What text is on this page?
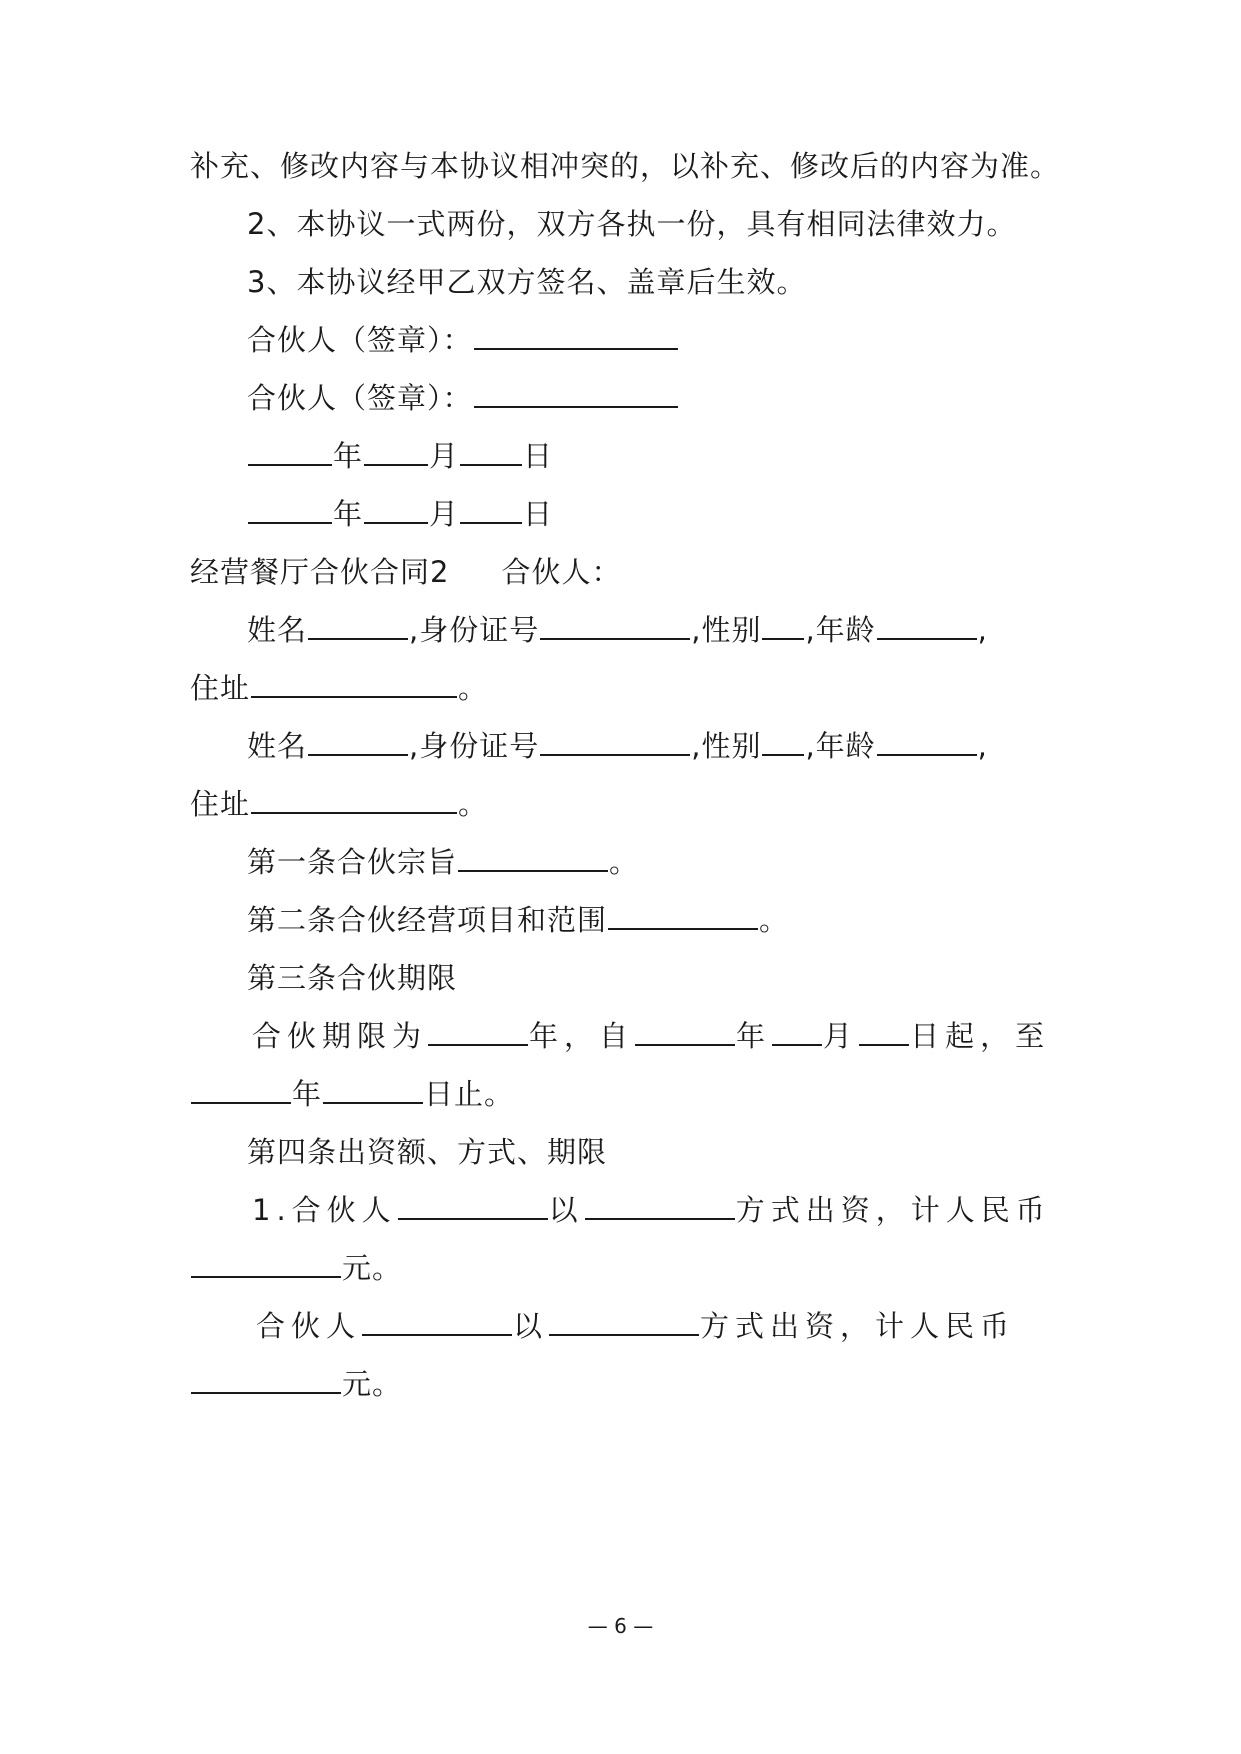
补充、修改内容与本协议相冲突的，以补充、修改后的内容为准。
2、本协议一式两份，双方各执一份，具有相同法律效力。
3、本协议经甲乙双方签名、盖章后生效。
合伙人（签章）：
合伙人（签章）：
年 月 日
年 月 日
经营餐厅合伙合同2 合伙人：
姓名	,身份证号	,性别 ,年龄	,
住址	。
姓名	,身份证号	,性别 ,年龄	,
住址	。
第一条合伙宗旨	。
第二条合伙经营项目和范围	。
第三条合伙期限
合伙期限为	年，自	年 月 日起，至
年	日止。
第四条出资额、方式、期限
1.合伙人	以	方式出资，计人民币
元。
合伙人	以	方式出资，计人民币
元。
— 6 —
